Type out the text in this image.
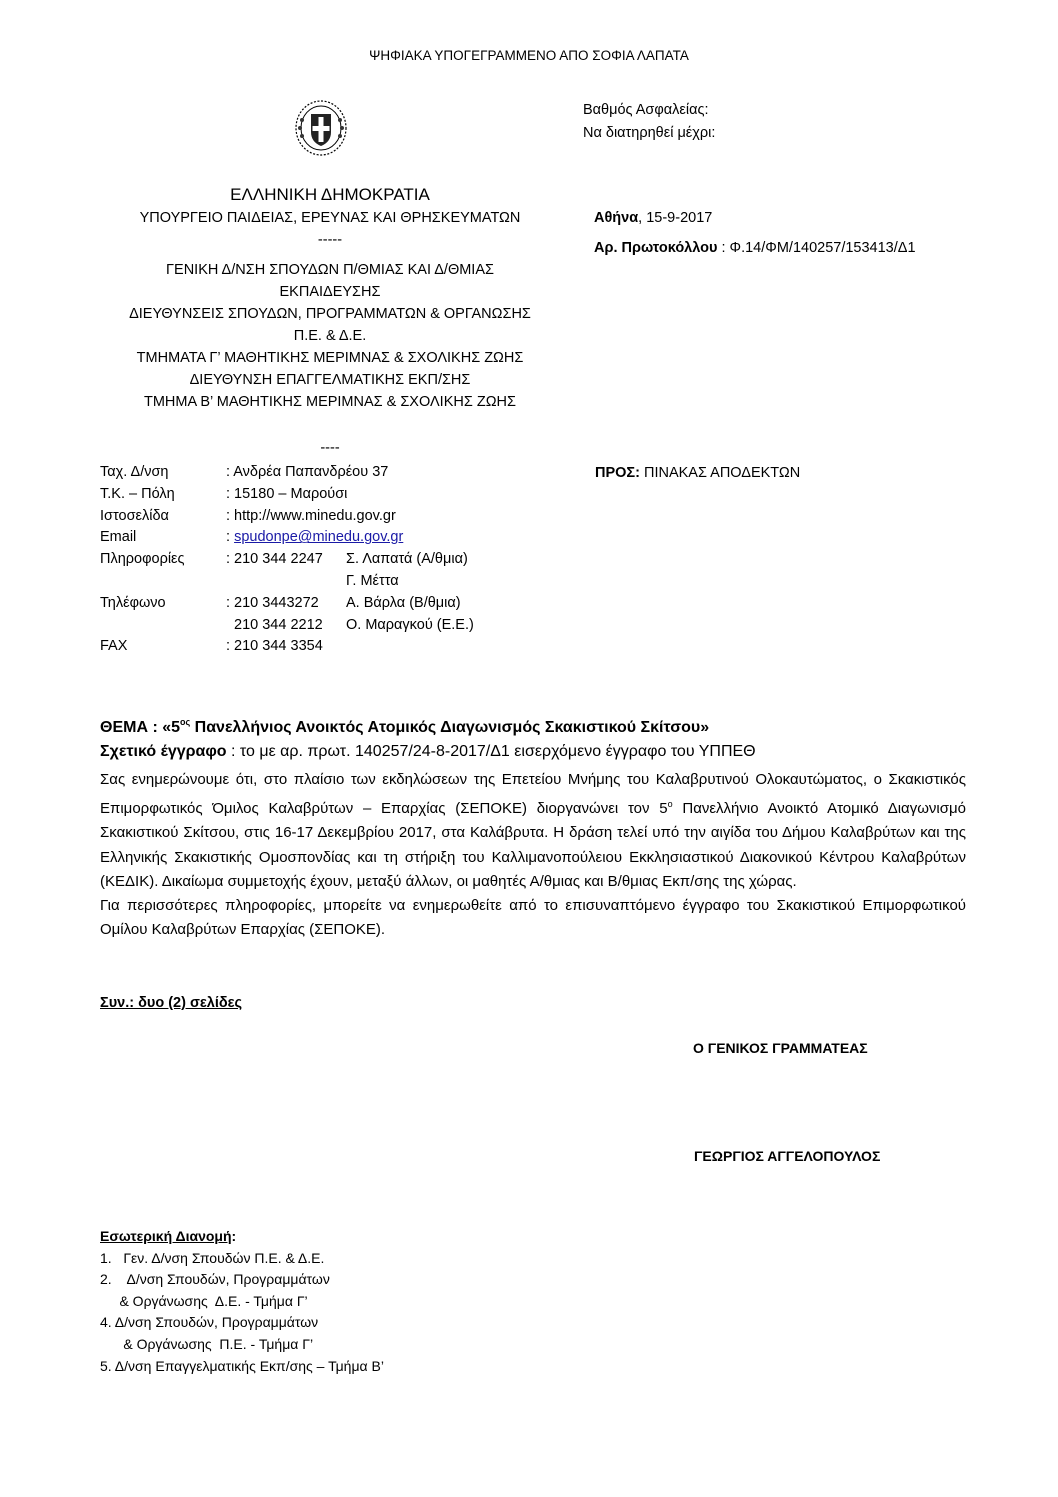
ΨΗΦΙΑΚΑ ΥΠΟΓΕΓΡΑΜΜΕΝΟ ΑΠΟ ΣΟΦΙΑ ΛΑΠΑΤΑ
Βαθμός Ασφαλείας:
Να διατηρηθεί μέχρι:
ΕΛΛΗΝΙΚΗ ΔΗΜΟΚΡΑΤΙΑ
ΥΠΟΥΡΓΕΙΟ ΠΑΙΔΕΙΑΣ, ΕΡΕΥΝΑΣ ΚΑΙ ΘΡΗΣΚΕΥΜΑΤΩΝ
-----
ΓΕΝΙΚΗ Δ/ΝΣΗ ΣΠΟΥΔΩΝ Π/ΘΜΙΑΣ ΚΑΙ Δ/ΘΜΙΑΣ
ΕΚΠΑΙΔΕΥΣΗΣ
ΔΙΕΥΘΥΝΣΕΙΣ ΣΠΟΥΔΩΝ, ΠΡΟΓΡΑΜΜΑΤΩΝ & ΟΡΓΑΝΩΣΗΣ
Π.Ε. & Δ.Ε.
ΤΜΗΜΑΤΑ Γ’ ΜΑΘΗΤΙΚΗΣ ΜΕΡΙΜΝΑΣ & ΣΧΟΛΙΚΗΣ ΖΩΗΣ
ΔΙΕΥΘΥΝΣΗ ΕΠΑΓΓΕΛΜΑΤΙΚΗΣ ΕΚΠ/ΣΗΣ
ΤΜΗΜΑ Β’ ΜΑΘΗΤΙΚΗΣ ΜΕΡΙΜΝΑΣ & ΣΧΟΛΙΚΗΣ ΖΩΗΣ
----
Αθήνα, 15-9-2017
Αρ. Πρωτοκόλλου : Φ.14/ΦΜ/140257/153413/Δ1
Ταχ. Δ/νση	: Ανδρέα Παπανδρέου 37
Τ.Κ. – Πόλη	: 15180 – Μαρούσι
Ιστοσελίδα	: http://www.minedu.gov.gr
Email	: spudonpe@minedu.gov.gr
Πληροφορίες	: 210 344 2247 Σ. Λαπατά (Α/θμια)
Γ. Μέττα
Τηλέφωνο	: 210 3443272 Α. Βάρλα (Β/θμια)
210 344 2212 Ο. Μαραγκού (Ε.Ε.)
FAX	: 210 344 3354
ΠΡΟΣ: ΠΙΝΑΚΑΣ ΑΠΟΔΕΚΤΩΝ
ΘΕΜΑ : «$5^{o\varsigma}$ Πανελλήνιος Ανοικτός Ατομικός Διαγωνισμός Σκακιστικού Σκίτσου»
Σχετικό έγγραφο : το με αρ. πρωτ. 140257/24-8-2017/Δ1 εισερχόμενο έγγραφο του ΥΠΠΕΘ
Σας ενημερώνουμε ότι, στο πλαίσιο των εκδηλώσεων της Επετείου Μνήμης του Καλαβρυτινού Ολοκαυτώματος, ο Σκακιστικός Επιμορφωτικός Όμιλος Καλαβρύτων – Επαρχίας (ΣΕΠΟΚΕ) διοργανώνει τον $5^o$ Πανελλήνιο Ανοικτό Ατομικό Διαγωνισμό Σκακιστικού Σκίτσου, στις 16-17 Δεκεμβρίου 2017, στα Καλάβρυτα. Η δράση τελεί υπό την αιγίδα του Δήμου Καλαβρύτων και της Ελληνικής Σκακιστικής Ομοσπονδίας και τη στήριξη του Καλλιμανοπούλειου Εκκλησιαστικού Διακονικού Κέντρου Καλαβρύτων (ΚΕΔΙΚ). Δικαίωμα συμμετοχής έχουν, μεταξύ άλλων, οι μαθητές Α/θμιας και Β/θμιας Εκπ/σης της χώρας.
Για περισσότερες πληροφορίες, μπορείτε να ενημερωθείτε από το επισυναπτόμενο έγγραφο του Σκακιστικού Επιμορφωτικού Ομίλου Καλαβρύτων Επαρχίας (ΣΕΠΟΚΕ).
Συν.: δυο (2) σελίδες
Ο ΓΕΝΙΚΟΣ ΓΡΑΜΜΑΤΕΑΣ
ΓΕΩΡΓΙΟΣ ΑΓΓΕΛΟΠΟΥΛΟΣ
Εσωτερική Διανομή:
1.   Γεν. Δ/νση Σπουδών Π.Ε. & Δ.Ε.
2.    Δ/νση Σπουδών, Προγραμμάτων
& Οργάνωσης  Δ.Ε. - Τμήμα Γ’
4. Δ/νση Σπουδών, Προγραμμάτων
& Οργάνωσης  Π.Ε. - Τμήμα Γ’
5. Δ/νση Επαγγελματικής Εκπ/σης – Τμήμα Β’
